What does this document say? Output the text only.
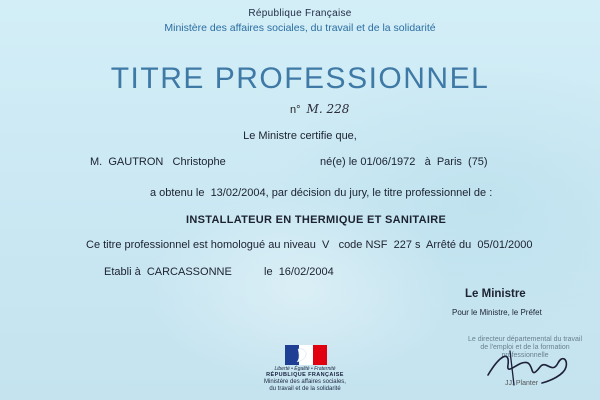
République Française
Ministère des affaires sociales, du travail et de la solidarité
TITRE PROFESSIONNEL
n° M. 228
Le Ministre certifie que,
M. GAUTRON Christophe	né(e) le 01/06/1972 à Paris (75)
a obtenu le 13/02/2004, par décision du jury, le titre professionnel de :
INSTALLATEUR EN THERMIQUE ET SANITAIRE
Ce titre professionnel est homologué au niveau V code NSF 227 s Arrêté du 05/01/2000
Etabli à CARCASSONNE	le 16/02/2004
Le Ministre
Pour le Ministre, le Préfet
Le directeur départemental du travail
de l'emploi et de la formation
professionnelle
JJ. Planter
Liberté • Égalité • Fraternité
RÉPUBLIQUE FRANÇAISE
Ministère des affaires sociales,
du travail et de la solidarité
